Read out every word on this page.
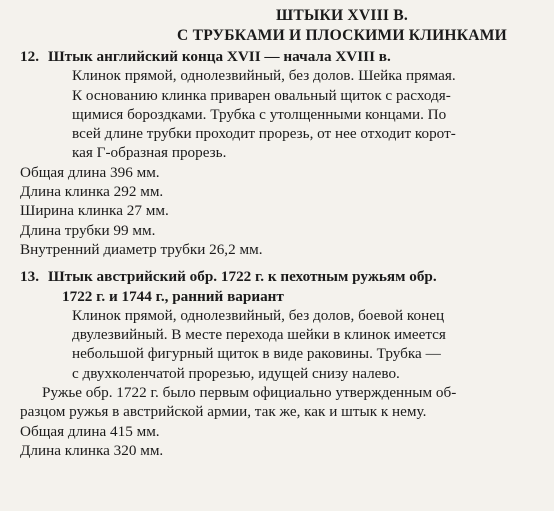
ШТЫКИ XVIII В.
С ТРУБКАМИ И ПЛОСКИМИ КЛИНКАМИ
12. Штык английский конца XVII — начала XVIII в.
Клинок прямой, однолезвийный, без долов. Шейка прямая.
К основанию клинка приварен овальный щиток с расходя-
щимися бороздками. Трубка с утолщенными концами. По
всей длине трубки проходит прорезь, от нее отходит корот-
кая Г-образная прорезь.
Общая длина 396 мм.
Длина клинка 292 мм.
Ширина клинка 27 мм.
Длина трубки 99 мм.
Внутренний диаметр трубки 26,2 мм.
13. Штык австрийский обр. 1722 г. к пехотным ружьям обр.
1722 г. и 1744 г., ранний вариант
Клинок прямой, однолезвийный, без долов, боевой конец
двулезвийный. В месте перехода шейки в клинок имеется
небольшой фигурный щиток в виде раковины. Трубка —
с двухколенчатой прорезью, идущей снизу налево.
Ружье обр. 1722 г. было первым официально утвержденным об-
разцом ружья в австрийской армии, так же, как и штык к нему.
Общая длина 415 мм.
Длина клинка 320 мм.
